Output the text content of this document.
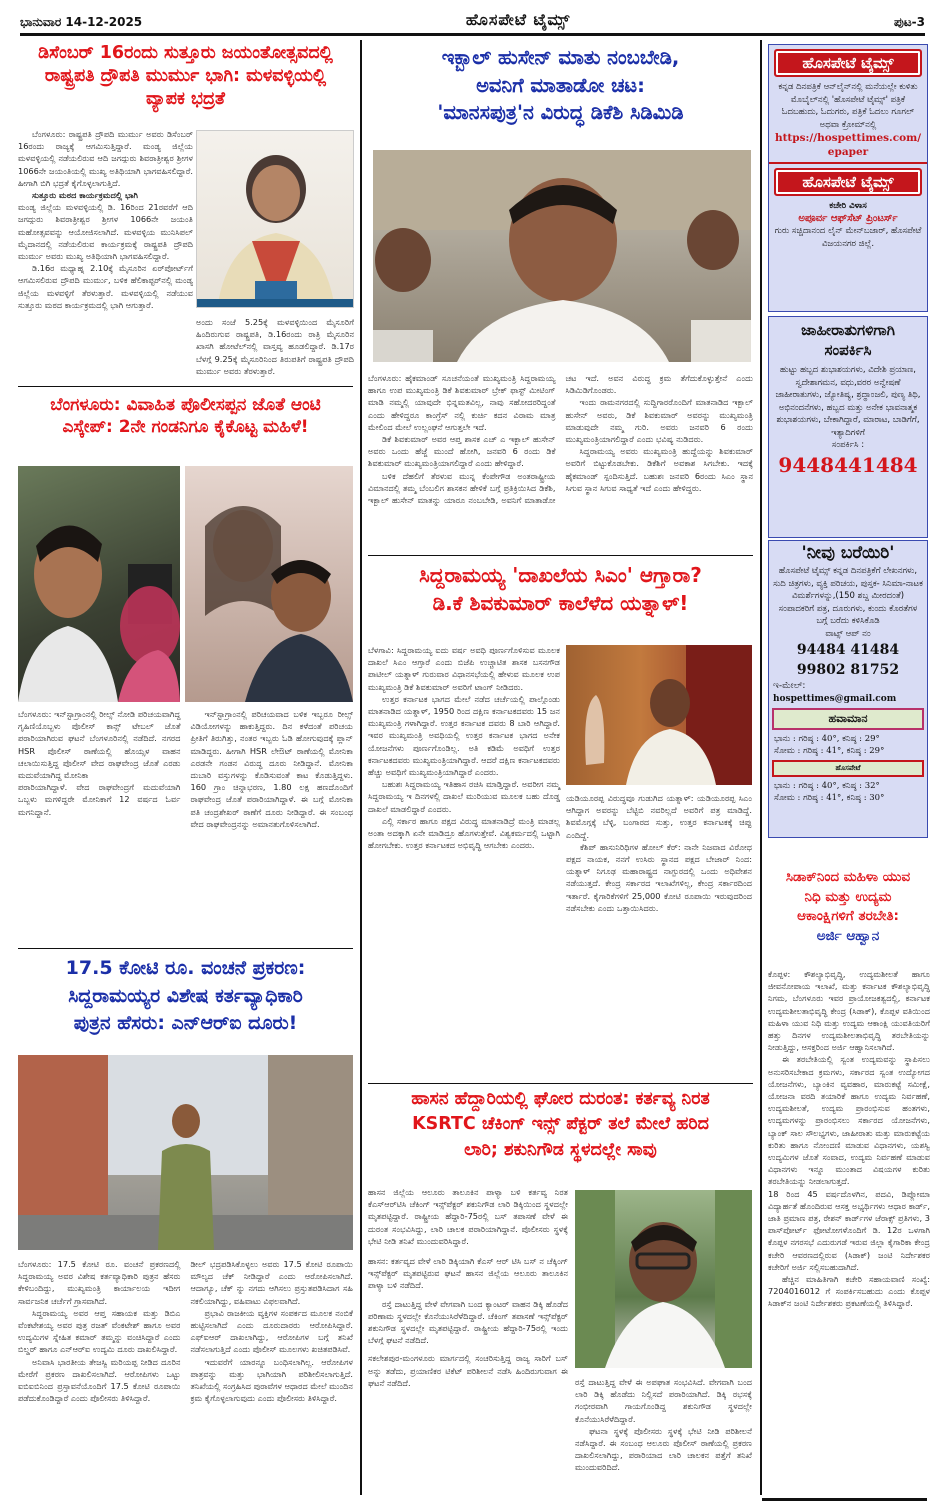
ಭಾನುವಾರ 14-12-2025	ಹೊಸಪೇಟೆ ಟೈಮ್ಸ್	ಪುಟ-3
ಡಿಸೆಂಬರ್ 16ರಂದು ಸುತ್ತೂರು ಜಯಂತೋತ್ಸವದಲ್ಲಿ ರಾಷ್ಟ್ರಪತಿ ದ್ರೌಪತಿ ಮುರ್ಮು ಭಾಗಿ: ಮಳವಳ್ಳಿಯಲ್ಲಿ ವ್ಯಾಪಕ ಭದ್ರತೆ

ಬೆಂಗಳೂರು: ರಾಷ್ಟ್ರಪತಿ ದ್ರೌಪದಿ ಮುರ್ಮು ಅವರು ಡಿಸೆಂಬರ್ 16ರಂದು ರಾಜ್ಯಕ್ಕೆ ಆಗಮಿಸುತ್ತಿದ್ದಾರೆ. ಮಂಡ್ಯ ಜಿಲ್ಲೆಯ ಮಳವಳ್ಳಿಯಲ್ಲಿ ನಡೆಯಲಿರುವ ಆದಿ ಜಗದ್ಗುರು ಶಿವರಾತ್ರೀಶ್ವರ ಶ್ರೀಗಳ 1066ನೇ ಜಯಂತಿಯಲ್ಲಿ ಮುಖ್ಯ ಅತಿಥಿಯಾಗಿ ಭಾಗವಹಿಸಲಿದ್ದಾರೆ. ಹೀಗಾಗಿ ಬಿಗಿ ಭದ್ರತೆ ಕೈಗೊಳ್ಳಲಾಗುತ್ತಿದೆ.

ಸುತ್ತೂರು ಮಠದ ಕಾರ್ಯಕ್ರಮದಲ್ಲಿ ಭಾಗಿ

ಮಂಡ್ಯ ಜಿಲ್ಲೆಯ ಮಳವಳ್ಳಿಯಲ್ಲಿ ಡಿ. 16ರಿಂದ 21ರವರೆಗೆ ಆದಿ ಜಗದ್ಗುರು ಶಿವರಾತ್ರೀಶ್ವರ ಶ್ರೀಗಳ 1066ನೇ ಜಯಂತಿ ಮಹೋತ್ಸವವನ್ನು ಆಯೋಜಿಸಲಾಗಿದೆ. ಮಳವಳ್ಳಿಯ ಮುನಿಸಿಪಲ್ ಮೈದಾನದಲ್ಲಿ ನಡೆಯಲಿರುವ ಕಾರ್ಯಕ್ರಮಕ್ಕೆ ರಾಷ್ಟ್ರಪತಿ ದ್ರೌಪದಿ ಮುರ್ಮು ಅವರು ಮುಖ್ಯ ಅತಿಥಿಯಾಗಿ ಭಾಗವಹಿಸಲಿದ್ದಾರೆ.

ಡಿ.16ರ ಮಧ್ಯಾಹ್ನ 2.10ಕ್ಕೆ ಮೈಸೂರಿನ ಏರ್‌ಪೋರ್ಟ್‌ಗೆ ಆಗಮಿಸಲಿರುವ ದ್ರೌಪದಿ ಮುರ್ಮು, ಬಳಿಕ ಹೆಲಿಕಾಪ್ಟರ್‌ನಲ್ಲಿ ಮಂಡ್ಯ ಜಿಲ್ಲೆಯ ಮಳವಳ್ಳಿಗೆ ತೆರಳುತ್ತಾರೆ. ಮಳವಳ್ಳಿಯಲ್ಲಿ ನಡೆಯುವ ಸುತ್ತೂರು ಮಠದ ಕಾರ್ಯಕ್ರಮದಲ್ಲಿ ಭಾಗಿ ಆಗುತ್ತಾರೆ.

ಅಂದು ಸಂಜೆ 5.25ಕ್ಕೆ ಮಳವಳ್ಳಿಯಿಂದ ಮೈಸೂರಿಗೆ ಹಿಂದಿರುಗುವ ರಾಷ್ಟ್ರಪತಿ, ಡಿ.16ರಂದು ರಾತ್ರಿ ಮೈಸೂರಿನ ಖಾಸಗಿ ಹೋಟೆಲ್‌ನಲ್ಲಿ ವಾಸ್ತವ್ಯ ಹೂಡಲಿದ್ದಾರೆ. ಡಿ.17ರ ಬೆಳಗ್ಗೆ 9.25ಕ್ಕೆ ಮೈಸೂರಿನಿಂದ ತಿರುಪತಿಗೆ ರಾಷ್ಟ್ರಪತಿ ದ್ರೌಪದಿ ಮುರ್ಮು ಅವರು ತೆರಳುತ್ತಾರೆ.

ಬೆಂಗಳೂರು: ವಿವಾಹಿತ ಪೊಲೀಸಪ್ಪನ ಜೊತೆ ಆಂಟಿ
ಎಸ್ಕೇಪ್: 2ನೇ ಗಂಡನಿಗೂ ಕೈಕೊಟ್ಟ ಮಹಿಳೆ!

ಬೆಂಗಳೂರು: ಇನ್‌ಸ್ಟಾಗ್ರಾಂನಲ್ಲಿ ರೀಲ್ಸ್ ನೋಡಿ ಪರಿಚಯವಾಗಿದ್ದ ಗೃಹಿಣಿಯೊಬ್ಬಳು ಪೊಲೀಸ್ ಕಾನ್ಸ್ ಟೇಬಲ್ ಜೊತೆ ಪರಾರಿಯಾಗಿರುವ ಘಟನೆ ಬೆಂಗಳೂರಿನಲ್ಲಿ ನಡೆದಿದೆ. ನಗರದ HSR ಪೊಲೀಸ್ ಠಾಣೆಯಲ್ಲಿ ಹೊಯ್ಸಳ ವಾಹನ ಚಲಾಯಿಸುತ್ತಿದ್ದ ಪೊಲೀಸ್ ವೇದ ರಾಘವೇಂದ್ರ ಜೊತೆ ಎರಡು ಮದುವೆಯಾಗಿದ್ದ ಮೋನಿಕಾ

ಪರಾರಿಯಾಗಿದ್ದಾಳೆ. ವೇದ ರಾಘವೇಂದ್ರಗೆ ಮದುವೆಯಾಗಿ ಒಬ್ಬಳು ಮಗಳಿದ್ದರೇ ಮೋನಿಕಾಗೆ 12 ವರ್ಷದ ಓರ್ವ ಮಗನಿದ್ದಾನೆ.

ಇನ್‌ಸ್ಟಾಗ್ರಾಂನಲ್ಲಿ ಪರಿಚಯವಾದ ಬಳಿಕ ಇಬ್ಬರೂ ರೀಲ್ಸ್ ವಿಡಿಯೋಗಳನ್ನು ಹಾಕುತ್ತಿದ್ದರು. ದಿನ ಕಳೆದಂತೆ ಪರಿಚಯ ಪ್ರೀತಿಗೆ ತಿರುಗಿತ್ತು, ನಂತರ ಇಬ್ಬರು ಓಡಿ ಹೋಗುವುದಕ್ಕೆ ಪ್ಲಾನ್ ಮಾಡಿದ್ದರು. ಹೀಗಾಗಿ HSR ಲೇಔಟ್ ಠಾಣೆಯಲ್ಲಿ ಮೋನಿಕಾ ಎರಡನೇ ಗಂಡನ ವಿರುದ್ಧ ದೂರು ನೀಡಿದ್ದಾನೆ. ಮೋನಿಕಾ ದುಬಾರಿ ವಸ್ತುಗಳನ್ನು ಕೊಡಿಸುವಂತೆ ಕಾಟ ಕೊಡುತ್ತಿದ್ದಳು. 160 ಗ್ರಾಂ ಚಿನ್ನಾಭರಣ, 1.80 ಲಕ್ಷ ಹಣದೊಂದಿಗೆ ರಾಘವೇಂದ್ರ ಜೊತೆ ಪರಾರಿಯಾಗಿದ್ದಾಳೆ. ಈ ಬಗ್ಗೆ ಮೋನಿಕಾ ಪತಿ ಚಂದ್ರಶೇಖರ್ ಠಾಣೆಗೆ ದೂರು ನೀಡಿದ್ದಾರೆ. ಈ ಸಂಬಂಧ ವೇದ ರಾಘವೇಂದ್ರನನ್ನು ಅಮಾನತುಗೊಳಿಸಲಾಗಿದೆ.

17.5 ಕೋಟಿ ರೂ. ವಂಚನೆ ಪ್ರಕರಣ:
ಸಿದ್ದರಾಮಯ್ಯರ ವಿಶೇಷ ಕರ್ತವ್ಯಾಧಿಕಾರಿ
ಪುತ್ರನ ಹೆಸರು: ಎನ್‌ಆರ್‌ಐ ದೂರು!

ಬೆಂಗಳೂರು: 17.5 ಕೋಟಿ ರೂ. ವಂಚನೆ ಪ್ರಕರಣದಲ್ಲಿ ಸಿದ್ದರಾಮಯ್ಯ ಅವರ ವಿಶೇಷ ಕರ್ತವ್ಯಾಧಿಕಾರಿ ಪುತ್ರನ ಹೆಸರು ಕೇಳಿಬಂದಿದ್ದು, ಮುಖ್ಯಮಂತ್ರಿ ಕಾರ್ಯಾಲಯ ಇದೀಗ ಸಾರ್ವಜನಿಕ ಚರ್ಚೆಗೆ ಗ್ರಾಸವಾಗಿದೆ.

ಸಿದ್ದರಾಮಯ್ಯ ಅವರ ಆಪ್ತ ಸಹಾಯಕ ಮತ್ತು ಡಿಬಿಎ ವೆಂಕಟೇಶಯ್ಯ ಅವರ ಪುತ್ರ ರಜತ್ ವೆಂಕಟೇಶ್ ಹಾಗೂ ಅವರ ಉದ್ಯಮಿಗಳ ಸ್ನೇಹಿತ ಕಮಾರ್ ತಮ್ಮನ್ನು ವಂಚಿಸಿದ್ದಾರೆ ಎಂದು ಬಿಲ್ಡರ್ ಹಾಗೂ ಎನ್‌ಆರ್‌ಐ ಉದ್ಯಮಿ ದೂರು ದಾಖಲಿಸಿದ್ದಾರೆ.

ಅನಿವಾಸಿ ಭಾರತೀಯ ತೇಜಸ್ವಿ ಮರಿಯಪ್ಪ ನೀಡಿದ ದೂರಿನ ಮೇರೆಗೆ ಪ್ರಕರಣ ದಾಖಲಿಸಲಾಗಿದೆ. ಆರೋಪಿಗಳು ಒಟ್ಟು ಐಬಿಐಬಿನಿಂದ ಪ್ರಸ್ತಾವನೆಯೊಂದಿಗೆ 17.5 ಕೋಟಿ ರೂಪಾಯಿ ಪಡೆದುಕೊಂಡಿದ್ದಾರೆ ಎಂದು ಪೊಲೀಸರು ತಿಳಿಸಿದ್ದಾರೆ.

ಡೀಲ್ ಭದ್ರಪಡಿಸಿಕೊಳ್ಳಲು ಅವರು 17.5 ಕೋಟಿ ರೂಪಾಯಿ ಮೌಲ್ಯದ ಚೆಕ್ ನೀಡಿದ್ದಾರೆ ಎಂದು ಆರೋಪಿಸಲಾಗಿದೆ. ಆದಾಗ್ಯೂ, ಚೆಕ್ ನ್ನು ನಗದು ಆಗಿಸಲು ಪ್ರಸ್ತುತಪಡಿಸಿದಾಗ ಸಹಿ ನಕಲಿಯಾಗಿದ್ದು, ವಹಿವಾಟು ವಿಫಲವಾಗಿದೆ.

ಪ್ರಭಾವಿ ರಾಜಕೀಯ ವ್ಯಕ್ತಿಗಳ ಸಂಪರ್ಕದ ಮೂಲಕ ನಂಬಿಕೆ ಹುಟ್ಟಿಸಲಾಗಿದೆ ಎಂದು ದೂರುದಾರರು ಆರೋಪಿಸಿದ್ದಾರೆ. ಎಫ್‌ಐಆರ್ ದಾಖಲಾಗಿದ್ದು, ಆರೋಪಿಗಳ ಬಗ್ಗೆ ತನಿಖೆ ನಡೆಸಲಾಗುತ್ತಿದೆ ಎಂದು ಪೊಲೀಸ್ ಮೂಲಗಳು ಖಚಿತಪಡಿಸಿವೆ.

ಇದುವರೆಗೆ ಯಾರನ್ನೂ ಬಂಧಿಸಲಾಗಿಲ್ಲ. ಆರೋಪಿಗಳ ಪಾತ್ರವನ್ನು ಮತ್ತು ಭಾಗಿಯಾಗಿ ಪರಿಶೀಲಿಸಲಾಗುತ್ತಿದೆ. ತನಿಖೆಯಲ್ಲಿ ಸಂಗ್ರಹಿಸಿದ ಪುರಾವೆಗಳ ಆಧಾರದ ಮೇಲೆ ಮುಂದಿನ ಕ್ರಮ ಕೈಗೊಳ್ಳಲಾಗುವುದು ಎಂದು ಪೊಲೀಸರು ತಿಳಿಸಿದ್ದಾರೆ.

ಇಕ್ಬಾಲ್ ಹುಸೇನ್ ಮಾತು ನಂಬಬೇಡಿ,
ಅವನಿಗೆ ಮಾತಾಡೋ ಚಟ:
'ಮಾನಸಪುತ್ರ'ನ ವಿರುದ್ಧ ಡಿಕೆಶಿ ಸಿಡಿಮಿಡಿ

ಬೆಂಗಳೂರು: ಹೈಕಮಾಂಡ್ ಸೂಚನೆಯಂತೆ ಮುಖ್ಯಮಂತ್ರಿ ಸಿದ್ದರಾಮಯ್ಯ ಹಾಗೂ ಉಪ ಮುಖ್ಯಮಂತ್ರಿ ಡಿಕೆ ಶಿವಕುಮಾರ್ ಬ್ರೇಕ್ ಫಾಸ್ಟ್ ಮೀಟಿಂಗ್ ಮಾಡಿ ನಮ್ಮಲ್ಲಿ ಯಾವುದೇ ಭಿನ್ನಮತವಿಲ್ಲ, ನಾವು ಸಹೋದರರಿದ್ದಂತೆ ಎಂದು ಹೇಳಿದ್ದರೂ ಕಾಂಗ್ರೆಸ್ ನಲ್ಲಿ ಕುರ್ಚಿ ಕದನ ವಿರಾಮ ಮಾತ್ರ ಮೇಲಿಂದ ಮೇಲೆ ಉಲ್ಲಂಘನೆ ಆಗುತ್ತಲೇ ಇದೆ.

ಡಿಕೆ ಶಿವಕುಮಾರ್ ಅವರ ಆಪ್ತ ಶಾಸಕ ಎಚ್ ಎ ಇಕ್ಬಾಲ್ ಹುಸೇನ್ ಅವರು ಒಂದು ಹೆಜ್ಜೆ ಮುಂದೆ ಹೋಗಿ, ಜನವರಿ 6 ರಂದು ಡಿಕೆ ಶಿವಕುಮಾರ್ ಮುಖ್ಯಮಂತ್ರಿಯಾಗಲಿದ್ದಾರೆ ಎಂದು ಹೇಳಿದ್ದಾರೆ.

ಬಳಿಕ ದೆಹಲಿಗೆ ತೆರಳುವ ಮುನ್ನ ಕೆಂಪೇಗೌಡ ಅಂತರಾಷ್ಟ್ರೀಯ ವಿಮಾನದಲ್ಲಿ ತಮ್ಮ ಬೆಂಬಲಿಗ ಶಾಸಕನ ಹೇಳಿಕೆ ಬಗ್ಗೆ ಪ್ರತಿಕ್ರಿಯಿಸಿದ ಡಿಕೆಶಿ, ಇಕ್ಬಾಲ್ ಹುಸೇನ್ ಮಾತನ್ನು ಯಾರೂ ನಂಬಬೇಡಿ, ಅವನಿಗೆ ಮಾತಾಡೋ ಚಟ ಇದೆ. ಅವನ ವಿರುದ್ಧ ಕ್ರಮ ತೆಗೆದುಕೊಳ್ಳುತ್ತೇನೆ ಎಂದು ಸಿಡಿಮಿಡಿಗೊಂಡರು.

ಇಂದು ರಾಮನಗರದಲ್ಲಿ ಸುದ್ದಿಗಾರರೊಂದಿಗೆ ಮಾತನಾಡಿದ ಇಕ್ಬಾಲ್ ಹುಸೇನ್ ಅವರು, ಡಿಕೆ ಶಿವಕುಮಾರ್ ಅವರನ್ನು ಮುಖ್ಯಮಂತ್ರಿ ಮಾಡುವುದೇ ನಮ್ಮ ಗುರಿ. ಅವರು ಜನವರಿ 6 ರಂದು ಮುಖ್ಯಮಂತ್ರಿಯಾಗಲಿದ್ದಾರೆ ಎಂದು ಭವಿಷ್ಯ ನುಡಿದರು.

ಸಿದ್ದರಾಮಯ್ಯ ಅವರು ಮುಖ್ಯಮಂತ್ರಿ ಹುದ್ದೆಯನ್ನು ಶಿವಕುಮಾರ್ ಅವರಿಗೆ ಬಿಟ್ಟುಕೊಡಬೇಕು. ಡಿಕೆಶಿಗೆ ಅವಕಾಶ ಸಿಗಬೇಕು. ಇದಕ್ಕೆ ಹೈಕಮಾಂಡ್ ಸ್ಪಂದಿಸುತ್ತಿದೆ. ಬಹುಶಃ ಜನವರಿ 6ರಂದು ಸಿಎಂ ಸ್ಥಾನ ಸಿಗುವ ಸ್ಥಾನ ಸಿಗುವ ಸಾಧ್ಯತೆ ಇದೆ ಎಂದು ಹೇಳಿದ್ದರು.

ಸಿದ್ದರಾಮಯ್ಯ 'ದಾಖಲೆಯ ಸಿಎಂ' ಆಗ್ತಾರಾ?
ಡಿ.ಕೆ ಶಿವಕುಮಾರ್ ಕಾಲೆಳೆದ ಯತ್ನಾಳ್!

ಬೆಳಗಾವಿ: ಸಿದ್ದರಾಮಯ್ಯ ಐದು ವರ್ಷ ಅವಧಿ ಪೂರ್ಣಗೊಳಿಸುವ ಮೂಲಕ ದಾಖಲೆ ಸಿಎಂ ಆಗ್ತಾರೆ ಎಂದು ಬಿಜೆಪಿ ಉಚ್ಚಾಟಿತ ಶಾಸಕ ಬಸನಗೌಡ ಪಾಟೀಲ್ ಯತ್ನಾಳ್ ಗುರುವಾರ ವಿಧಾನಸಭೆಯಲ್ಲಿ ಹೇಳುವ ಮೂಲಕ ಉಪ ಮುಖ್ಯಮಂತ್ರಿ ಡಿಕೆ ಶಿವಕುಮಾರ್ ಅವರಿಗೆ ಟಾಂಗ್ ನೀಡಿದರು.

ಉತ್ತರ ಕರ್ನಾಟಕ ಭಾಗದ ಮೇಲೆ ನಡೆದ ಚರ್ಚೆಯಲ್ಲಿ ಪಾಲ್ಗೊಂಡು ಮಾತನಾಡಿದ ಯತ್ನಾಳ್, 1950 ರಿಂದ ದಕ್ಷಿಣ ಕರ್ನಾಟಕದವರು 15 ಜನ ಮುಖ್ಯಮಂತ್ರಿ ಗಳಾಗಿದ್ದಾರೆ. ಉತ್ತರ ಕರ್ನಾಟಕ ದವರು 8 ಬಾರಿ ಆಗಿದ್ದಾರೆ. ಇವರ ಮುಖ್ಯಮಂತ್ರಿ ಅವಧಿಯಲ್ಲಿ ಉತ್ತರ ಕರ್ನಾಟಕ ಭಾಗದ ಅನೇಕ ಯೋಜನೆಗಳು ಪೂರ್ಣಗೊಂಡಿಲ್ಲ. ಅತಿ ಕಡಿಮೆ ಅವಧಿಗೆ ಉತ್ತರ ಕರ್ನಾಟಕದವರು ಮುಖ್ಯಮಂತ್ರಿಯಾಗಿದ್ದಾರೆ. ಆದರೆ ದಕ್ಷಿಣ ಕರ್ನಾಟಕದವರು ಹೆಚ್ಚು ಅವಧಿಗೆ ಮುಖ್ಯಮಂತ್ರಿಯಾಗಿದ್ದಾರೆ ಎಂದರು.

ಬಹುಶಃ ಸಿದ್ದರಾಮಯ್ಯ ಇತಿಹಾಸ ರಚಿಸಿ ಮಾಡ್ತಿದ್ದಾರೆ. ಅವರೀಗ ನಮ್ಮ ಸಿದ್ದರಾಮಯ್ಯ ಇ ದಿನಗಳಲ್ಲಿ ದಾಖಲೆ ಮುರಿಯುವ ಮೂಲಕ ಬಹು ದೊಡ್ಡ ದಾಖಲೆ ಮಾಡಲಿದ್ದಾರೆ ಎಂದರು.

ಎಲ್ಲಿ ಸರ್ಕಾರ ಹಾಗೂ ಪಕ್ಷದ ವಿರುದ್ಧ ಮಾತನಾಡಿದ್ರೆ ಮಂತ್ರಿ ಮಾಡಲ್ಲ ಅಂತಾ ಅದಕ್ಕಾಗಿ ಏನೇ ಮಾಡಿದ್ರೂ ಹೊಗಳುತ್ತೇವೆ. ವಿಶ್ವಕರ್ಮದಲ್ಲಿ ಒಟ್ಟಾಗಿ ಹೋಗಬೇಕು. ಉತ್ತರ ಕರ್ನಾಟಕದ ಅಭಿವೃದ್ಧಿ ಆಗಬೇಕು ಎಂದರು.

ಯಡಿಯೂರಪ್ಪ ವಿರುದ್ಧವೂ ಗುಡುಗಿದ ಯತ್ನಾಳ್: ಯಡಿಯೂರಪ್ಪ ಸಿಎಂ ಆಗಿದ್ದಾಗ ಅವರನ್ನು ಬೆಟ್ಟಿಬಿ ನವರಿಲ್ಲದೆ ಅವರಿಗೆ ಪತ್ರ ಮಾಡಿದ್ದೆ. ಶಿವಮೊಗ್ಗಕ್ಕೆ ಬೆಳ್ಳಿ, ಬಂಗಾರದ ಸುತ್ತು, ಉತ್ತರ ಕರ್ನಾಟಕಕ್ಕೆ ಚಿಪ್ಪು ಎಂದಿದ್ದೆ.

ಕೆಶಿಪ್ ಹಾಸುನಿರಿಧಿಗಳ ಹೋಲ್ ಕೆರ್: ನಾನೇ ನಿಜವಾದ ವಿರೋಧ ಪಕ್ಷದ ನಾಯಕ, ನನಗೆ ಉಸಿರು ಸ್ಥಾನದ ಪಕ್ಷದ ಬೇಜಾರ್ ನಿಂದ: ಯತ್ನಾಳ್ ನಿಗೂಢ ಮಹಾರಾಷ್ಟ್ರದ ನಾಗ್ಪುರದಲ್ಲಿ ಒಂದು ಅಧಿವೇಶನ ನಡೆಯುತ್ತದೆ. ಕೇಂದ್ರ ಸರ್ಕಾರದ ಇಲಾಖೆಗಳಿಲ್ಲ, ಕೇಂದ್ರ ಸರ್ಕಾರದಿಂದ ಇರ್ತಾರೆ. ಕೈಗಾರಿಕೆಗಳಿಗೆ 25,000 ಕೋಟಿ ರೂಪಾಯಿ ಇರುವುದರಿಂದ ನಡೆಸಬೇಕು ಎಂದು ಒತ್ತಾಯಿಸಿದರು.

ಹಾಸನ ಹೆದ್ದಾರಿಯಲ್ಲಿ ಘೋರ ದುರಂತ: ಕರ್ತವ್ಯ ನಿರತ
KSRTC ಚೆಕಿಂಗ್ ಇನ್ಸ್ ಪೆಕ್ಟರ್ ತಲೆ ಮೇಲೆ ಹರಿದ
ಲಾರಿ; ಶಕುನಿಗೌಡ ಸ್ಥಳದಲ್ಲೇ ಸಾವು

ಹಾಸನ ಜಿಲ್ಲೆಯ ಆಲೂರು ತಾಲೂಕಿನ ಪಾಳ್ಯಾ ಬಳಿ ಕರ್ತವ್ಯ ನಿರತ ಕೆಎಸ್‌ಆರ್‌ಟಿಸಿ ಚೆಕಿಂಗ್ ಇನ್ಸ್‌ಪೆಕ್ಟರ್ ಶಕುನಿಗೌಡ ಲಾರಿ ಡಿಕ್ಕಿಯಿಂದ ಸ್ಥಳದಲ್ಲೇ ಮೃತಪಟ್ಟಿದ್ದಾರೆ. ರಾಷ್ಟ್ರೀಯ ಹೆದ್ದಾರಿ-75ರಲ್ಲಿ ಬಸ್ ತಪಾಸಣೆ ವೇಳೆ ಈ ದುರಂತ ಸಂಭವಿಸಿದ್ದು, ಲಾರಿ ಚಾಲಕ ಪರಾರಿಯಾಗಿದ್ದಾನೆ. ಪೊಲೀಸರು ಸ್ಥಳಕ್ಕೆ ಭೇಟಿ ನೀಡಿ ತನಿಖೆ ಮುಂದುವರಿಸಿದ್ದಾರೆ.

ಹಾಸನ: ಕರ್ತವ್ಯದ ವೇಳೆ ಲಾರಿ ಡಿಕ್ಕಿಯಾಗಿ ಕೆಎಸ್ ಆರ್ ಟಿಸಿ ಬಸ್ ನ ಚೆಕ್ಕಿಂಗ್ ಇನ್ಸ್‌ಪೆಕ್ಟರ್ ಮೃತಪಟ್ಟಿರುವ ಘಟನೆ ಹಾಸನ ಜಿಲ್ಲೆಯ ಆಲೂರು ತಾಲೂಕಿನ ಪಾಳ್ಯಾ ಬಳಿ ನಡೆದಿದೆ.

ರಸ್ತೆ ದಾಟುತ್ತಿದ್ದ ವೇಳೆ ವೇಗವಾಗಿ ಬಂದ ಕ್ಯಾಂಟರ್ ವಾಹನ ಡಿಕ್ಕಿ ಹೊಡೆದ ಪರಿಣಾಮ ಸ್ಥಳದಲ್ಲೇ ಕೊನೆಯುಸಿರೆಳೆದಿದ್ದಾರೆ. ಚೆಕಿಂಗ್ ತಪಾಸಣೆ ಇನ್ಸ್‌ಪೆಕ್ಟರ್ ಶಕುನಿಗೌಡ ಸ್ಥಳದಲ್ಲೇ ಮೃತಪಟ್ಟಿದ್ದಾರೆ. ರಾಷ್ಟ್ರೀಯ ಹೆದ್ದಾರಿ-75ರಲ್ಲಿ ಇಂದು ಬೆಳಗ್ಗೆ ಘಟನೆ ನಡೆದಿದೆ.

ಸಕಲೇಶಪುರ-ಮಂಗಳೂರು ಮಾರ್ಗದಲ್ಲಿ ಸಂಚರಿಸುತ್ತಿದ್ದ ರಾಜ್ಯ ಸಾರಿಗೆ ಬಸ್ ಅನ್ನು ತಡೆದು, ಪ್ರಯಾಣಿಕರ ಟಿಕೆಟ್ ಪರಿಶೀಲನೆ ನಡೆಸಿ ಹಿಂದಿರುಗುವಾಗ ಈ ಘಟನೆ ನಡೆದಿದೆ.	ರಸ್ತೆ ದಾಟುತ್ತಿದ್ದ ವೇಳೆ ಈ ಅಪಘಾತ ಸಂಭವಿಸಿದೆ. ವೇಗವಾಗಿ ಬಂದ ಲಾರಿ ಡಿಕ್ಕಿ ಹೊಡೆದು ನಿಲ್ಲಿಸದೆ ಪರಾರಿಯಾಗಿದೆ. ಡಿಕ್ಕಿ ರಭಸಕ್ಕೆ ಗಂಭೀರವಾಗಿ ಗಾಯಗೊಂಡಿದ್ದ ಶಕುನಿಗೌಡ ಸ್ಥಳದಲ್ಲೇ ಕೊನೆಯುಸಿರೆಳೆದಿದ್ದಾರೆ.

ಘಟನಾ ಸ್ಥಳಕ್ಕೆ ಪೊಲೀಸರು ಸ್ಥಳಕ್ಕೆ ಭೇಟಿ ನೀಡಿ ಪರಿಶೀಲನೆ ನಡೆಸಿದ್ದಾರೆ. ಈ ಸಂಬಂಧ ಆಲೂರು ಪೊಲೀಸ್ ಠಾಣೆಯಲ್ಲಿ ಪ್ರಕರಣ ದಾಖಲಿಸಲಾಗಿದ್ದು, ಪರಾರಿಯಾದ ಲಾರಿ ಚಾಲಕನ ಪತ್ತೆಗೆ ತನಿಖೆ ಮುಂದುವರಿದಿದೆ.

ಹೊಸಪೇಟೆ ಟೈಮ್ಸ್
ಕನ್ನಡ ದಿನಪತ್ರಿಕೆ ಆನ್‌ಲೈನ್‌ನಲ್ಲಿ ಮನೆಯಲ್ಲೇ ಕುಳಿತು ಮೊಬೈಲ್‌ನಲ್ಲಿ 'ಹೊಸಪೇಟೆ ಟೈಮ್ಸ್' ಪತ್ರಿಕೆ ಓದಬಹುದು, ಓದುಗರು, ಪತ್ರಿಕೆ ಓದಲು ಗೂಗಲ್ ಅಥವಾ ಕ್ರೋಮ್‌ನಲ್ಲಿ
https://hospettimes.com/
epaper
ಹೊಸಪೇಟೆ ಟೈಮ್ಸ್
ಕಚೇರಿ ವಿಳಾಸ
ಅಪೂರ್ವ ಆಫ್‌ಸೆಟ್ ಪ್ರಿಂಟರ್ಸ್
ಗುರು ಸಚ್ಚಿದಾನಂದ ಲೈನ್ ಮೇನ್‌ಬಜಾರ್, ಹೊಸಪೇಟೆ ವಿಜಯನಗರ ಜಿಲ್ಲೆ.
ಜಾಹೀರಾತುಗಳಿಗಾಗಿ
ಸಂಪರ್ಕಿಸಿ
ಹುಟ್ಟು ಹಬ್ಬದ ಶುಭಾಶಯಗಳು, ವಿದೇಶಿ ಪ್ರಯಾಣ, ಸ್ವದೇಶಾಗಮನ, ವಧು,ವರರ ಅನ್ವೇಷಣೆ ಜಾಹೀರಾತುಗಳು, ಜ್ಯೋತಿಷ್ಯ, ಶ್ರದ್ಧಾಂಜಲಿ, ಪುಣ್ಯ ತಿಥಿ, ಅಭಿನಂದನೆಗಳು, ಹಬ್ಬದ ಮತ್ತು ಅನೇಕ ಭಾವನಾತ್ಮಕ ಶುಭಾಶಯಗಳು, ಬೇಕಾಗಿದ್ದಾರೆ, ಮಾರಾಟ, ಬಾಡಿಗೆಗೆ, ಇತ್ಯಾದಿಗಳಿಗೆ
ಸಂಪರ್ಕಿಸಿ :
9448441484
'ನೀವು ಬರೆಯಿರಿ'
ಹೊಸಪೇಟೆ ಟೈಮ್ಸ್ ಕನ್ನಡ ದಿನಪತ್ರಿಕೆಗೆ ಲೇಖನಗಳು, ಸುದಿ ಚಿತ್ರಗಳು, ವ್ಯಕ್ತಿ ಪರಿಚಯ, ಪುಸ್ತಕ- ಸಿನಿಮಾ-ನಾಟಕ ವಿಮರ್ಶೆಗಳನ್ನು,(150 ಶಬ್ದ ಮೀರದಂತೆ) ಸಂಪಾದಕರಿಗೆ ಪತ್ರ, ದೂರುಗಳು, ಕುಂದು ಕೊರತೆಗಳ ಬಗ್ಗೆ ಬರೆದು ಕಳಿಸಿಕೊಡಿ
ವಾಟ್ಸ್ ಆಪ್ ನಂ
94484 41484
99802 81752
ಇ-ಮೇಲ್: hospettimes@gmail.com
ಹವಾಮಾನ
ಭಾನು : ಗರಿಷ್ಠ : 40°, ಕನಿಷ್ಠ : 29°
ಸೋಮ : ಗರಿಷ್ಠ : 41°, ಕನಿಷ್ಠ : 29°
ಹೊಸಪೇಟೆ
ಭಾನು : ಗರಿಷ್ಠ : 40°, ಕನಿಷ್ಠ : 32°
ಸೋಮ : ಗರಿಷ್ಠ : 41°, ಕನಿಷ್ಠ : 30°
ಸಿಡಾಕ್‌ನಿಂದ ಮಹಿಳಾ ಯುವ
ನಿಧಿ ಮತ್ತು ಉದ್ಯಮ
ಆಕಾಂಕ್ಷಿಗಳಿಗೆ ತರಬೇತಿ:
ಅರ್ಜಿ ಆಹ್ವಾನ

ಕೊಪ್ಪಳ: ಕೌಶಲ್ಯಾಭಿವೃದ್ಧಿ, ಉದ್ಯಮಶೀಲತೆ ಹಾಗೂ ಜೀವನೋಪಾಯ ಇಲಾಖೆ, ಮತ್ತು ಕರ್ನಾಟಕ ಕೌಶಲ್ಯಾಭಿವೃದ್ಧಿ ನಿಗಮ, ಬೆಂಗಳೂರು ಇವರ ಪ್ರಾಯೋಜಕತ್ವದಲ್ಲಿ, ಕರ್ನಾಟಕ ಉದ್ಯಮಶೀಲತಾಭಿವೃದ್ಧಿ ಕೇಂದ್ರ (ಸಿಡಾಕ್), ಕೊಪ್ಪಳ ವತಿಯಿಂದ ಮಹಿಳಾ ಯುವ ನಿಧಿ ಮತ್ತು ಉದ್ಯಮ ಆಕಾಂಕ್ಷಿ ಯುವತಿಯರಿಗೆ ಹತ್ತು ದಿನಗಳ ಉದ್ಯಮಶೀಲತಾಭಿವೃದ್ಧಿ ತರಬೇತಿಯನ್ನು ನೀಡುತ್ತಿದ್ದು, ಆಸಕ್ತರಿಂದ ಅರ್ಜಿ ಆಹ್ವಾನಿಸಲಾಗಿದೆ.

ಈ ತರಬೇತಿಯಲ್ಲಿ ಸ್ವಂತ ಉದ್ಯಮವನ್ನು ಸ್ಥಾಪಿಸಲು ಅನುಸರಿಸಬೇಕಾದ ಕ್ರಮಗಳು, ಸರ್ಕಾರದ ಸ್ವಂತ ಉದ್ಯೋಗದ ಯೋಜನೆಗಳು, ಬ್ಯಾಂಕಿನ ವ್ಯವಹಾರ, ಮಾರುಕಟ್ಟೆ ಸಮೀಕ್ಷೆ, ಯೋಜನಾ ವರದಿ ತಯಾರಿಕೆ ಹಾಗೂ ಉದ್ಯಮ ನಿರ್ವಹಣೆ, ಉದ್ಯಮಶೀಲತೆ, ಉದ್ಯಮ ಪ್ರಾರಂಭಿಸುವ ಹಂತಗಳು, ಉದ್ಯಮಗಳನ್ನು ಪ್ರಾರಂಭಿಸಲು ಸರ್ಕಾರದ ಯೋಜನೆಗಳು, ಬ್ಯಾಂಕ್ ಸಾಲ ಸೌಲಭ್ಯಗಳು, ಜಾಹೀರಾತು ಮತ್ತು ಮಾರುಕಟ್ಟೆಯ ಕುರಿತು ಹಾಗೂ ನೋಂದಣಿ ಮಾಡುವ ವಿಧಾನಗಳು, ಯಶಸ್ವಿ ಉದ್ಯಮಿಗಳ ಜೊತೆ ಸಂವಾದ, ಉದ್ಯಮ ನಿರ್ವಹಣೆ ಮಾಡುವ ವಿಧಾನಗಳು ಇನ್ನೂ ಮುಂತಾದ ವಿಷಯಗಳ ಕುರಿತು ತರಬೇತಿಯನ್ನು ನೀಡಲಾಗುತ್ತದೆ.

18 ರಿಂದ 45 ವರ್ಷದೊಳಗಿನ, ಪದವಿ, ಡಿಪ್ಲೋಮಾ ವಿದ್ಯಾರ್ಹತೆ ಹೊಂದಿರುವ ಆಸಕ್ತ ಅಭ್ಯರ್ಥಿಗಳು ಆಧಾರ ಕಾರ್ಡ್, ಜಾತಿ ಪ್ರಮಾಣ ಪತ್ರ, ರೇಶನ್ ಕಾರ್ಡ್‌ಗಳ ಜೆರಾಕ್ಸ್ ಪ್ರತಿಗಳು, 3 ಪಾಸ್‌ಪೋರ್ಟ್ ಫೋಟೋಗಳೊಂದಿಗೆ ಡಿ. 12ರ ಒಳಗಾಗಿ ಕೊಪ್ಪಳ ನಗರಸಭೆ ಎದುರುಗಡೆ ಇರುವ ಜಿಲ್ಲಾ ಕೈಗಾರಿಕಾ ಕೇಂದ್ರ ಕಚೇರಿ ಆವರಣದಲ್ಲಿರುವ (ಸಿಡಾಕ್) ಜಂಟಿ ನಿರ್ದೇಶಕರ ಕಚೇರಿಗೆ ಅರ್ಜಿ ಸಲ್ಲಿಸಬಹುದಾಗಿದೆ.

ಹೆಚ್ಚಿನ ಮಾಹಿತಿಗಾಗಿ ಕಚೇರಿ ಸಹಾಯವಾಣಿ ಸಂಖ್ಯೆ: 7204016012 ಗೆ ಸಂಪರ್ಕಿಸಬಹುದು ಎಂದು ಕೊಪ್ಪಳ ಸಿಡಾಕ್‌ನ ಜಂಟಿ ನಿರ್ದೇಶಕರು ಪ್ರಕಟಣೆಯಲ್ಲಿ ತಿಳಿಸಿದ್ದಾರೆ.
